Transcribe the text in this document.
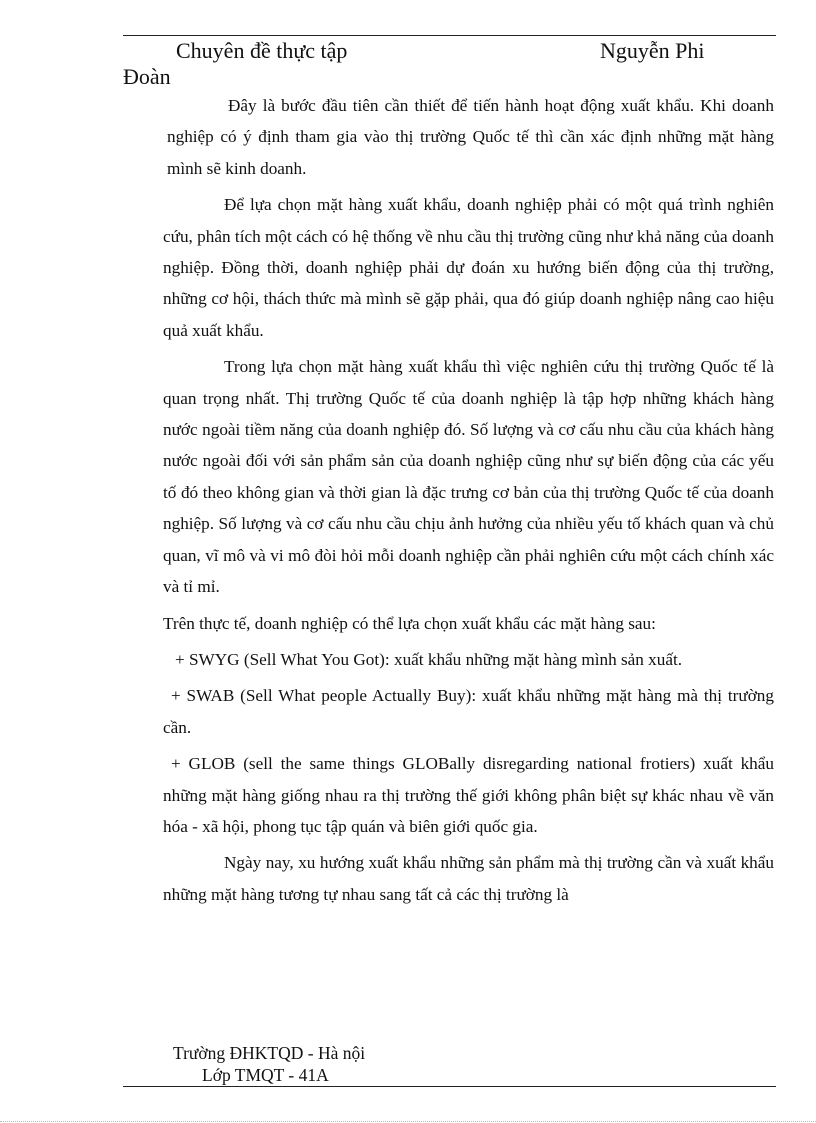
Chuyên đề thực tập	Nguyễn Phi
Đoàn

Đây là bước đầu tiên cần thiết để tiến hành hoạt động xuất khẩu. Khi doanh nghiệp có ý định tham gia vào thị trường Quốc tế thì cần xác định những mặt hàng mình sẽ kinh doanh.

Để lựa chọn mặt hàng xuất khẩu, doanh nghiệp phải có một quá trình nghiên cứu, phân tích một cách có hệ thống về nhu cầu thị trường cũng như khả năng của doanh nghiệp. Đồng thời, doanh nghiệp phải dự đoán xu hướng biến động của thị trường, những cơ hội, thách thức mà mình sẽ gặp phải, qua đó giúp doanh nghiệp nâng cao hiệu quả xuất khẩu.

Trong lựa chọn mặt hàng xuất khẩu thì việc nghiên cứu thị trường Quốc tế là quan trọng nhất. Thị trường Quốc tế của doanh nghiệp là tập hợp những khách hàng nước ngoài tiềm năng của doanh nghiệp đó. Số lượng và cơ cấu nhu cầu của khách hàng nước ngoài đối với sản phẩm sản của doanh nghiệp cũng như sự biến động của các yếu tố đó theo không gian và thời gian là đặc trưng cơ bản của thị trường Quốc tế của doanh nghiệp. Số lượng và cơ cấu nhu cầu chịu ảnh hưởng của nhiều yếu tố khách quan và chủ quan, vĩ mô và vi mô đòi hỏi mỗi doanh nghiệp cần phải nghiên cứu một cách chính xác và tỉ mỉ.

Trên thực tế, doanh nghiệp có thể lựa chọn xuất khẩu các mặt hàng sau:

+ SWYG (Sell What You Got): xuất khẩu những mặt hàng mình sản xuất.

+ SWAB (Sell What people Actually Buy): xuất khẩu những mặt hàng mà thị trường cần.

+ GLOB (sell the same things GLOBally disregarding national frotiers) xuất khẩu những mặt hàng giống nhau ra thị trường thế giới không phân biệt sự khác nhau về văn hóa - xã hội, phong tục tập quán và biên giới quốc gia.

Ngày nay, xu hướng xuất khẩu những sản phẩm mà thị trường cần và xuất khẩu những mặt hàng tương tự nhau sang tất cả các thị trường là

Trường ĐHKTQD - Hà nội
Lớp TMQT - 41A
